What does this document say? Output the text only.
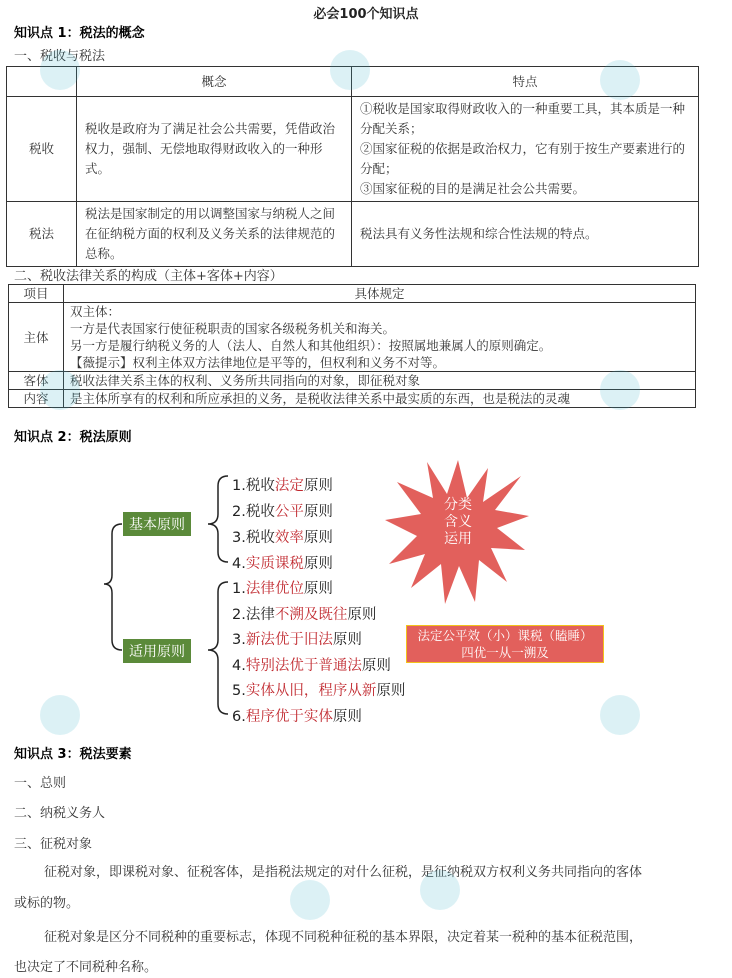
必会100个知识点
知识点 1：税法的概念
一、税收与税法
	概念	特点
税收	税收是政府为了满足社会公共需要，凭借政治权力，强制、无偿地取得财政收入的一种形式。	①税收是国家取得财政收入的一种重要工具，其本质是一种分配关系；
②国家征税的依据是政治权力，它有别于按生产要素进行的分配；
③国家征税的目的是满足社会公共需要。

税法	税法是国家制定的用以调整国家与纳税人之间在征纳税方面的权利及义务关系的法律规范的总称。	税法具有义务性法规和综合性法规的特点。
二、税收法律关系的构成（主体+客体+内容）
项目	具体规定
主体	双主体：
一方是代表国家行使征税职责的国家各级税务机关和海关。
另一方是履行纳税义务的人（法人、自然人和其他组织）：按照属地兼属人的原则确定。
【薇提示】权利主体双方法律地位是平等的，但权利和义务不对等。

客体	税收法律关系主体的权利、义务所共同指向的对象，即征税对象
内容	是主体所享有的权利和所应承担的义务，是税收法律关系中最实质的东西，也是税法的灵魂
知识点 2：税法原则
基本原则
适用原则
1.税收法定原则
2.税收公平原则
3.税收效率原则
4.实质课税原则
1.法律优位原则
2.法律不溯及既往原则
3.新法优于旧法原则
4.特别法优于普通法原则
5.实体从旧，程序从新原则
6.程序优于实体原则
分类
含义
运用
法定公平效（小）课税（瞌睡）
四优一从一溯及
知识点 3：税法要素
一、总则
二、纳税义务人
三、征税对象
征税对象，即课税对象、征税客体，是指税法规定的对什么征税，是征纳税双方权利义务共同指向的客体
或标的物。
征税对象是区分不同税种的重要标志，体现不同税种征税的基本界限，决定着某一税种的基本征税范围，
也决定了不同税种名称。
